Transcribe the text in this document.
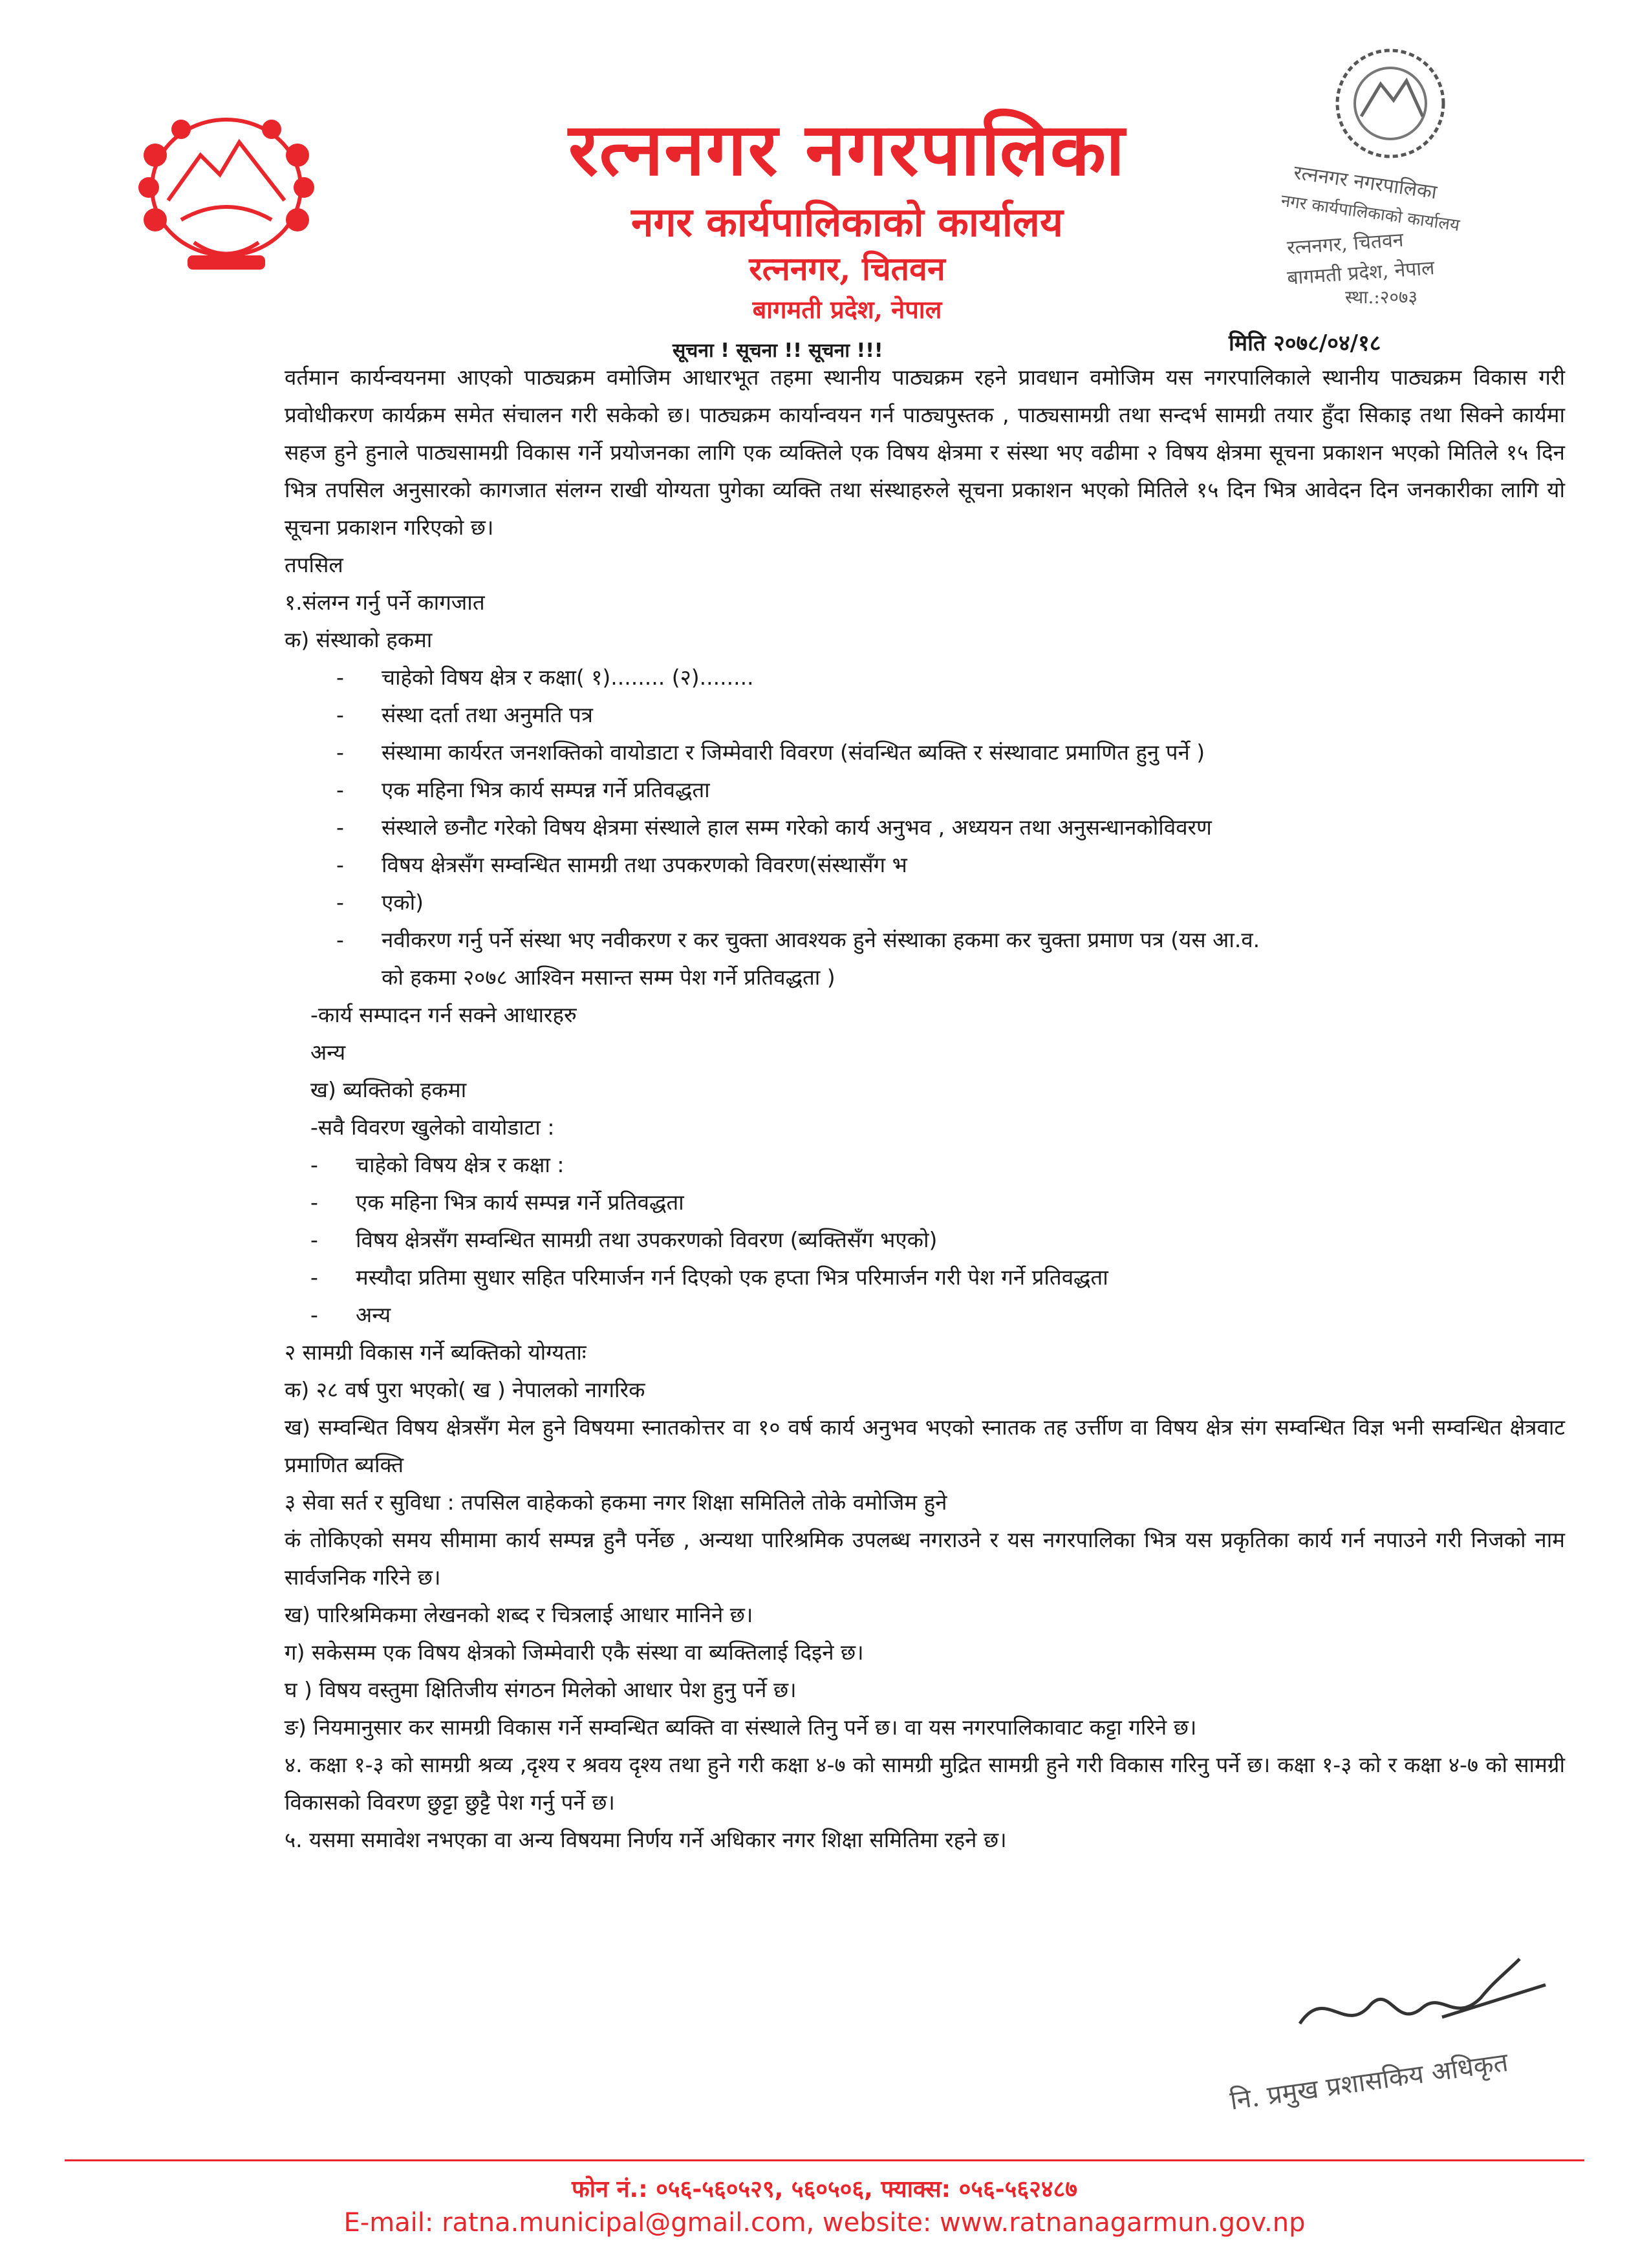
रत्ननगर नगरपालिका
नगर कार्यपालिकाको कार्यालय
रत्ननगर, चितवन
बागमती प्रदेश, नेपाल
रत्ननगर नगरपालिका
नगर कार्यपालिकाको कार्यालय
रत्ननगर, चितवन
बागमती प्रदेश, नेपाल
स्था.:२०७३
सूचना ! सूचना !! सूचना !!!	मिति २०७८/०४/१८
वर्तमान कार्यन्वयनमा आएको पाठ्यक्रम वमोजिम आधारभूत तहमा स्थानीय पाठ्यक्रम रहने प्रावधान वमोजिम यस नगरपालिकाले स्थानीय पाठ्यक्रम विकास गरी प्रवोधीकरण कार्यक्रम समेत संचालन गरी सकेको छ। पाठ्यक्रम कार्यान्वयन गर्न पाठ्यपुस्तक , पाठ्यसामग्री तथा सन्दर्भ सामग्री तयार हुँदा सिकाइ तथा सिक्ने कार्यमा सहज हुने हुनाले पाठ्यसामग्री विकास गर्ने प्रयोजनका लागि एक व्यक्तिले एक विषय क्षेत्रमा र संस्था भए वढीमा २ विषय क्षेत्रमा सूचना प्रकाशन भएको मितिले १५ दिन भित्र तपसिल अनुसारको कागजात संलग्न राखी योग्यता पुगेका व्यक्ति तथा संस्थाहरुले सूचना प्रकाशन भएको मितिले १५ दिन भित्र आवेदन दिन जनकारीका लागि यो सूचना प्रकाशन गरिएको छ।
तपसिल
१.संलग्न गर्नु पर्ने कागजात
क) संस्थाको हकमा
- चाहेको विषय क्षेत्र र कक्षा( १)........ (२)........
- संस्था दर्ता तथा अनुमति पत्र
- संस्थामा कार्यरत जनशक्तिको वायोडाटा र जिम्मेवारी विवरण (संवन्धित ब्यक्ति र संस्थावाट प्रमाणित हुनु पर्ने )
- एक महिना भित्र कार्य सम्पन्न गर्ने प्रतिवद्धता
- संस्थाले छनौट गरेको विषय क्षेत्रमा संस्थाले हाल सम्म गरेको कार्य अनुभव , अध्ययन तथा अनुसन्धानकोविवरण
- विषय क्षेत्रसँग सम्वन्धित सामग्री तथा उपकरणको विवरण(संस्थासँग भ
- एको)
- नवीकरण गर्नु पर्ने संस्था भए नवीकरण र कर चुक्ता आवश्यक हुने संस्थाका हकमा कर चुक्ता प्रमाण पत्र (यस आ.व.
को हकमा २०७८ आश्विन मसान्त सम्म पेश गर्ने प्रतिवद्धता )
-कार्य सम्पादन गर्न सक्ने आधारहरु
अन्य
ख) ब्यक्तिको हकमा
-सवै विवरण खुलेको वायोडाटा :
- चाहेको विषय क्षेत्र र कक्षा :
- एक महिना भित्र कार्य सम्पन्न गर्ने प्रतिवद्धता
- विषय क्षेत्रसँग सम्वन्धित सामग्री तथा उपकरणको विवरण (ब्यक्तिसँग भएको)
- मस्यौदा प्रतिमा सुधार सहित परिमार्जन गर्न दिएको एक हप्ता भित्र परिमार्जन गरी पेश गर्ने प्रतिवद्धता
- अन्य
२ सामग्री विकास गर्ने ब्यक्तिको योग्यताः
क) २८ वर्ष पुरा भएको( ख ) नेपालको नागरिक
ख) सम्वन्धित विषय क्षेत्रसँग मेल हुने विषयमा स्नातकोत्तर वा १० वर्ष कार्य अनुभव भएको स्नातक तह उर्त्तीण वा विषय क्षेत्र संग सम्वन्धित विज्ञ भनी सम्वन्धित क्षेत्रवाट प्रमाणित ब्यक्ति
३ सेवा सर्त र सुविधा : तपसिल वाहेकको हकमा नगर शिक्षा समितिले तोके वमोजिम हुने
कं तोकिएको समय सीमामा कार्य सम्पन्न हुनै पर्नेछ , अन्यथा पारिश्रमिक उपलब्ध नगराउने र यस नगरपालिका भित्र यस प्रकृतिका कार्य गर्न नपाउने गरी निजको नाम सार्वजनिक गरिने छ।
ख) पारिश्रमिकमा लेखनको शब्द र चित्रलाई आधार मानिने छ।
ग) सकेसम्म एक विषय क्षेत्रको जिम्मेवारी एकै संस्था वा ब्यक्तिलाई दिइने छ।
घ ) विषय वस्तुमा क्षितिजीय संगठन मिलेको आधार पेश हुनु पर्ने छ।
ङ) नियमानुसार कर सामग्री विकास गर्ने सम्वन्धित ब्यक्ति वा संस्थाले तिनु पर्ने छ। वा यस नगरपालिकावाट कट्टा गरिने छ।
४. कक्षा १-३ को सामग्री श्रव्य ,दृश्य र श्रवय दृश्य तथा हुने गरी कक्षा ४-७ को सामग्री मुद्रित सामग्री हुने गरी विकास गरिनु पर्ने छ। कक्षा १-३ को र कक्षा ४-७ को सामग्री विकासको विवरण छुट्टा छुट्टै पेश गर्नु पर्ने छ।
५. यसमा समावेश नभएका वा अन्य विषयमा निर्णय गर्ने अधिकार नगर शिक्षा समितिमा रहने छ।
नि. प्रमुख प्रशासकिय अधिकृत
फोन नं.: ०५६-५६०५२९, ५६०५०६, फ्याक्स: ०५६-५६२४८७
E-mail: ratna.municipal@gmail.com, website: www.ratnanagarmun.gov.np
